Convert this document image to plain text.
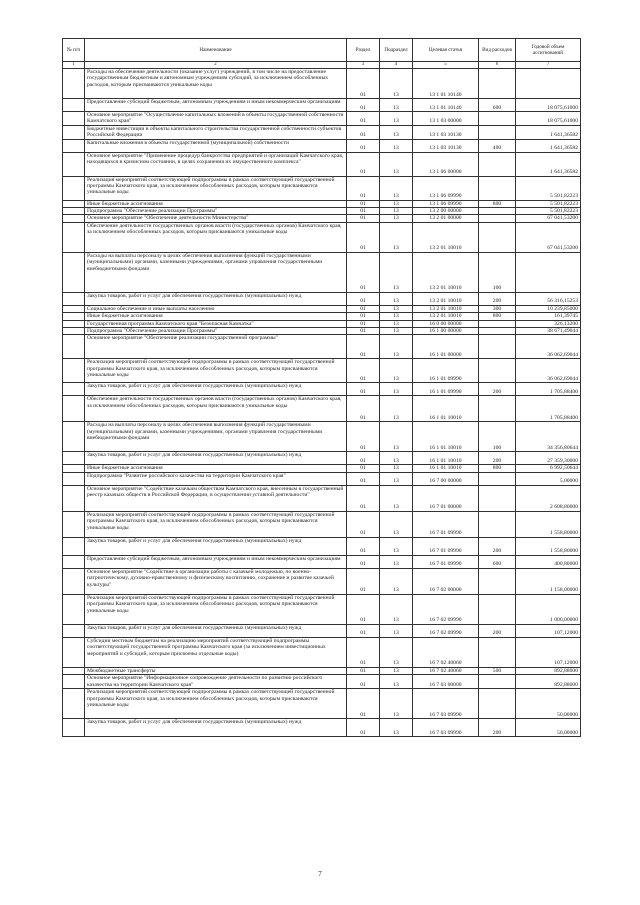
№ п/п	Наименование	Раздел	Подраздел	Целевая статья	Вид расходов	Годовой объем ассигнований
1	2	3	4	5	6	7
	Расходы на обеспечение деятельности (оказание услуг) учреждений, в том числе на предоставление государственным бюджетным и автономным учреждениям субсидий, за исключением обособленных расходов, которым присваиваются уникальные коды	01	13	13 1 01 10140		
	Предоставление субсидий бюджетным, автономным учреждениям и иным некоммерческим организациям	01	13	13 1 01 10140	600	18 075,61000
	Основное мероприятие "Осуществление капитальных вложений в объекты государственной собственности Камчатского края"	01	13	13 1 03 00000		18 075,61000
	Бюджетные инвестиции в объекты капитального строительства государственной собственности субъектов Российской Федерации	01	13	13 1 03 10130		1 641,36582
	Капитальные вложения в объекты государственной (муниципальной) собственности	01	13	13 1 03 10130	400	1 641,36582
	Основное мероприятие "Применение процедур банкротства предприятий и организаций Камчатского края, находящихся в кризисном состоянии, в целях сохранения их имущественного комплекса"	01	13	13 1 06 00000		1 641,36582
	Реализация мероприятий соответствующей подпрограммы в рамках соответствующей государственной программы Камчатского края, за исключением обособленных расходов, которым присваиваются уникальные коды	01	13	13 1 06 09990		5 501,82223
	Иные бюджетные ассигнования	01	13	13 1 06 09990	800	5 501,82223
	Подпрограмма "Обеспечение реализации Программы"	01	13	13 2 00 00000		5 501,82223
	Основное мероприятие "Обеспечение деятельности Министерства"	01	13	13 2 01 00000		67 041,53200
	Обеспечение деятельности государственных органов власти (государственных органов) Камчатского края, за исключением обособленных расходов, которым присваиваются уникальные коды	01	13	13 2 01 10010		67 041,53200
	Расходы на выплаты персоналу в целях обеспечения выполнения функций государственными (муниципальными) органами, казенными учреждениями, органами управления государственными внебюджетными фондами	01	13	13 2 01 10010	100	
	Закупка товаров, работ и услуг для обеспечения государственных (муниципальных) нужд	01	13	13 2 01 10010	200	56 316,15253
	Социальное обеспечение и иные выплаты населению	01	13	13 2 01 10010	300	10 239,85000
	Иные бюджетные ассигнования	01	13	13 2 01 10010	800	161,39745
	Государственная программа Камчатского края "Безопасная Камчатка"	01	13	16 0 00 00000		326,13200
	Подпрограмма "Обеспечение реализации Программы"	01	13	16 1 00 00000		38 671,49044
	Основное мероприятие "Обеспечение реализации государственной программы"	01	13	16 1 01 00000		36 062,69044
	Реализация мероприятий соответствующей подпрограммы в рамках соответствующей государственной программы Камчатского края, за исключением обособленных расходов, которым присваиваются уникальные коды	01	13	16 1 01 09990		36 062,69044
	Закупка товаров, работ и услуг для обеспечения государственных (муниципальных) нужд	01	13	16 1 01 09990	200	1 705,88400
	Обеспечение деятельности государственных органов власти (государственных органов) Камчатского края, за исключением обособленных расходов, которым присваиваются уникальные коды	01	13	16 1 01 10010		1 705,88400
	Расходы на выплаты персоналу в целях обеспечения выполнения функций государственными (муниципальными) органами, казенными учреждениями, органами управления государственными внебюджетными фондами	01	13	16 1 01 10010	100	34 356,80644
	Закупка товаров, работ и услуг для обеспечения государственных (муниципальных) нужд	01	13	16 1 01 10010	200	27 359,30000
	Иные бюджетные ассигнования	01	13	16 1 01 10010	800	6 992,50644
	Подпрограмма "Развитие российского казачества на территории Камчатского края"	01	13	16 7 00 00000		5,00000
	Основное мероприятие "Содействие казачьим обществам Камчатского края, внесенным в государственный реестр казачьих обществ в Российской Федерации, в осуществлении уставной деятельности"	01	13	16 7 01 00000		2 608,80000
	Реализация мероприятий соответствующей подпрограммы в рамках соответствующей государственной программы Камчатского края, за исключением обособленных расходов, которым присваиваются уникальные коды	01	13	16 7 01 09990		1 558,80000
	Закупка товаров, работ и услуг для обеспечения государственных (муниципальных) нужд	01	13	16 7 01 09990	200	1 558,80000
	Предоставление субсидий бюджетным, автономным учреждениям и иным некоммерческим организациям	01	13	16 7 01 09990	600	400,80000
	Основное мероприятие "Содействие в организации работы с казачьей молодежью, по военно-патриотическому, духовно-нравственному и физическому воспитанию, сохранение и развитие казачьей культуры"	01	13	16 7 02 00000		1 158,00000
	Реализация мероприятий соответствующей подпрограммы в рамках соответствующей государственной программы Камчатского края, за исключением обособленных расходов, которым присваиваются уникальные коды	01	13	16 7 02 09990		1 000,00000
	Закупка товаров, работ и услуг для обеспечения государственных (муниципальных) нужд	01	13	16 7 02 09990	200	107,12000
	Субсидии местным бюджетам на реализацию мероприятий соответствующей подпрограммы соответствующей государственной программы Камчатского края (за исключением инвестиционных мероприятий и субсидий, которым присвоены отдельные коды)	01	13	16 7 02 40060		107,12000
	Межбюджетные трансферты	01	13	16 7 02 40060	500	892,88000
	Основное мероприятие "Информационное сопровождение деятельности по развитию российского казачества на территории Камчатского края"	01	13	16 7 03 00000		892,88000
	Реализация мероприятий соответствующей подпрограммы в рамках соответствующей государственной программы Камчатского края, за исключением обособленных расходов, которым присваиваются уникальные коды	01	13	16 7 03 09990		50,00000
	Закупка товаров, работ и услуг для обеспечения государственных (муниципальных) нужд	01	13	16 7 03 09990	200	50,00000
7
